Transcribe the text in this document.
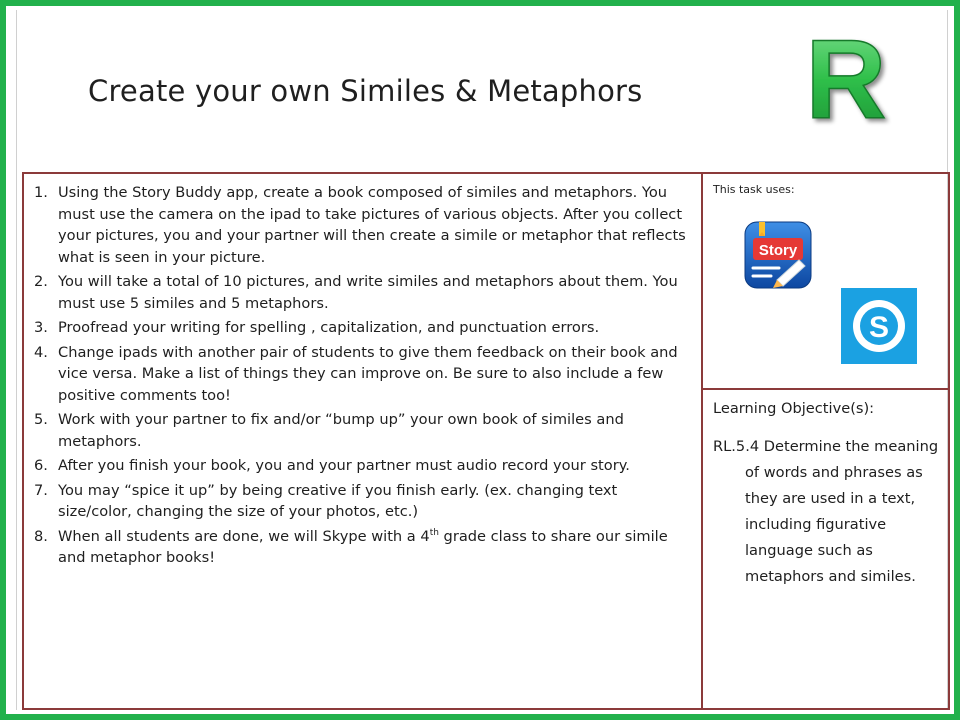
Create your own Similes & Metaphors R
1. Using the Story Buddy app, create a book composed of similes and metaphors. You must use the camera on the ipad to take pictures of various objects. After you collect your pictures, you and your partner will then create a simile or metaphor that reflects what is seen in your picture.
2. You will take a total of 10 pictures, and write similes and metaphors about them. You must use 5 similes and 5 metaphors.
3. Proofread your writing for spelling , capitalization, and punctuation errors.
4. Change ipads with another pair of students to give them feedback on their book and vice versa. Make a list of things they can improve on. Be sure to also include a few positive comments too!
5. Work with your partner to fix and/or “bump up” your own book of similes and metaphors.
6. After you finish your book, you and your partner must audio record your story.
7. You may “spice it up” by being creative if you finish early. (ex. changing text size/color, changing the size of your photos, etc.)
8. When all students are done, we will Skype with a 4th grade class to share our simile and metaphor books!
This task uses:
Story
S
Learning Objective(s):
RL.5.4 Determine the meaning of words and phrases as they are used in a text, including figurative language such as metaphors and similes.
